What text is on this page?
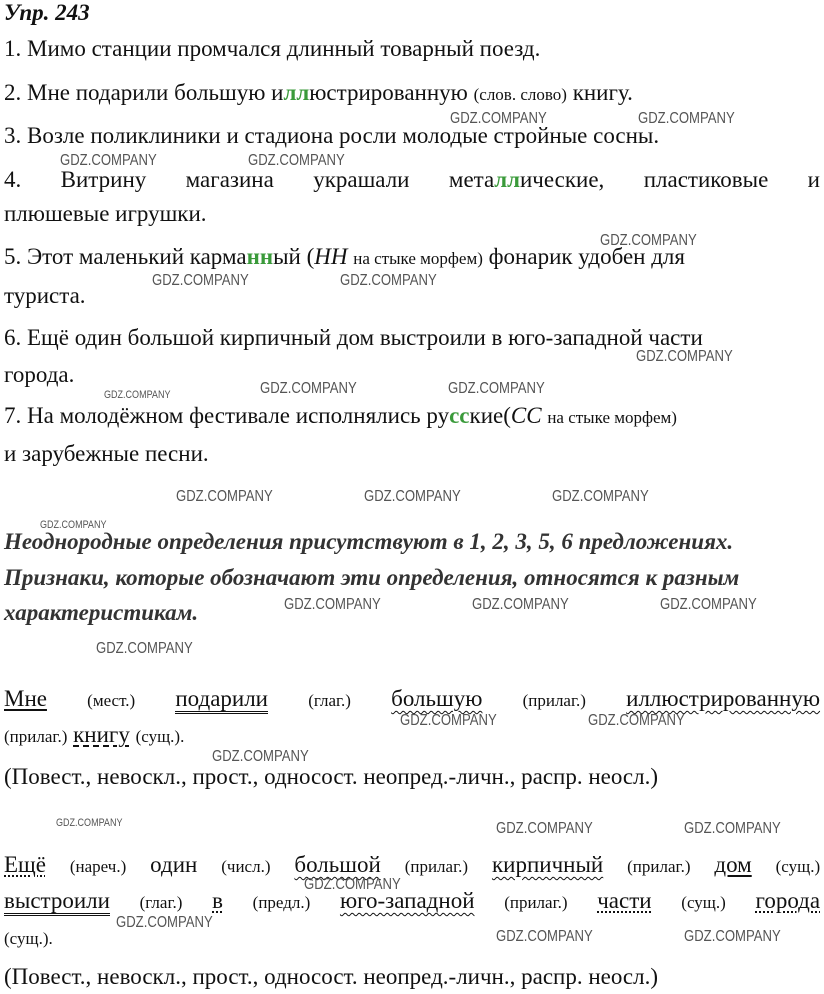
Упр. 243
1. Мимо станции промчался длинный товарный поезд.
2. Мне подарили большую иллюстрированную (слов. слово) книгу.
3. Возле поликлиники и стадиона росли молодые стройные сосны.
4. Витрину магазина украшали металлические, пластиковые и
плюшевые игрушки.
5. Этот маленький карманный (НН на стыке морфем) фонарик удобен для
туриста.
6. Ещё один большой кирпичный дом выстроили в юго-западной части
города.
7. На молодёжном фестивале исполнялись русские(СС на стыке морфем)
и зарубежные песни.
Неоднородные определения присутствуют в 1, 2, 3, 5, 6 предложениях.
Признаки, которые обозначают эти определения, относятся к разным
характеристикам.
Мне (мест.) подарили (глаг.) большую (прилаг.) иллюстрированную
(прилаг.) книгу (сущ.).
(Повест., невоскл., прост., односост. неопред.-личн., распр. неосл.)
Ещё (нареч.) один (числ.) большой (прилаг.) кирпичный (прилаг.) дом (сущ.)
выстроили (глаг.) в (предл.) юго-западной (прилаг.) части (сущ.) города
(сущ.).
(Повест., невоскл., прост., односост. неопред.-личн., распр. неосл.)
GDZ.COMPANY	GDZ.COMPANY
GDZ.COMPANY	GDZ.COMPANY
GDZ.COMPANY
GDZ.COMPANY	GDZ.COMPANY
GDZ.COMPANY
GDZ.COMPANY	GDZ.COMPANY	GDZ.COMPANY
GDZ.COMPANY	GDZ.COMPANY	GDZ.COMPANY
GDZ.COMPANY
GDZ.COMPANY	GDZ.COMPANY	GDZ.COMPANY
GDZ.COMPANY
GDZ.COMPANY	GDZ.COMPANY
GDZ.COMPANY
GDZ.COMPANY	GDZ.COMPANY	GDZ.COMPANY
GDZ.COMPANY
GDZ.COMPANY
GDZ.COMPANY	GDZ.COMPANY
